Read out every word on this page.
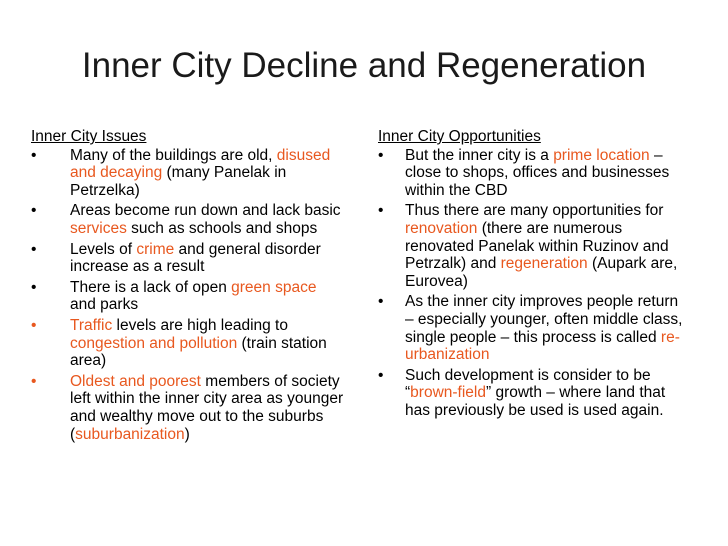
Inner City Decline and Regeneration
Inner City Issues
•	Many of the buildings are old, disused and decaying (many Panelak in Petrzelka)
•	Areas become run down and lack basic services such as schools and shops
•	Levels of crime and general disorder increase as a result
•	There is a lack of open green space and parks
•	Traffic levels are high leading to congestion and pollution (train station area)
•	Oldest and poorest members of society left within the inner city area as younger and wealthy move out to the suburbs (suburbanization)
Inner City Opportunities
•	But the inner city is a prime location – close to shops, offices and businesses within the CBD
•	Thus there are many opportunities for renovation (there are numerous renovated Panelak within Ruzinov and Petrzalk) and regeneration (Aupark are, Eurovea)
•	As the inner city improves people return – especially younger, often middle class, single people – this process is called re-urbanization
•	Such development is consider to be “brown-field” growth – where land that has previously be used is used again.
